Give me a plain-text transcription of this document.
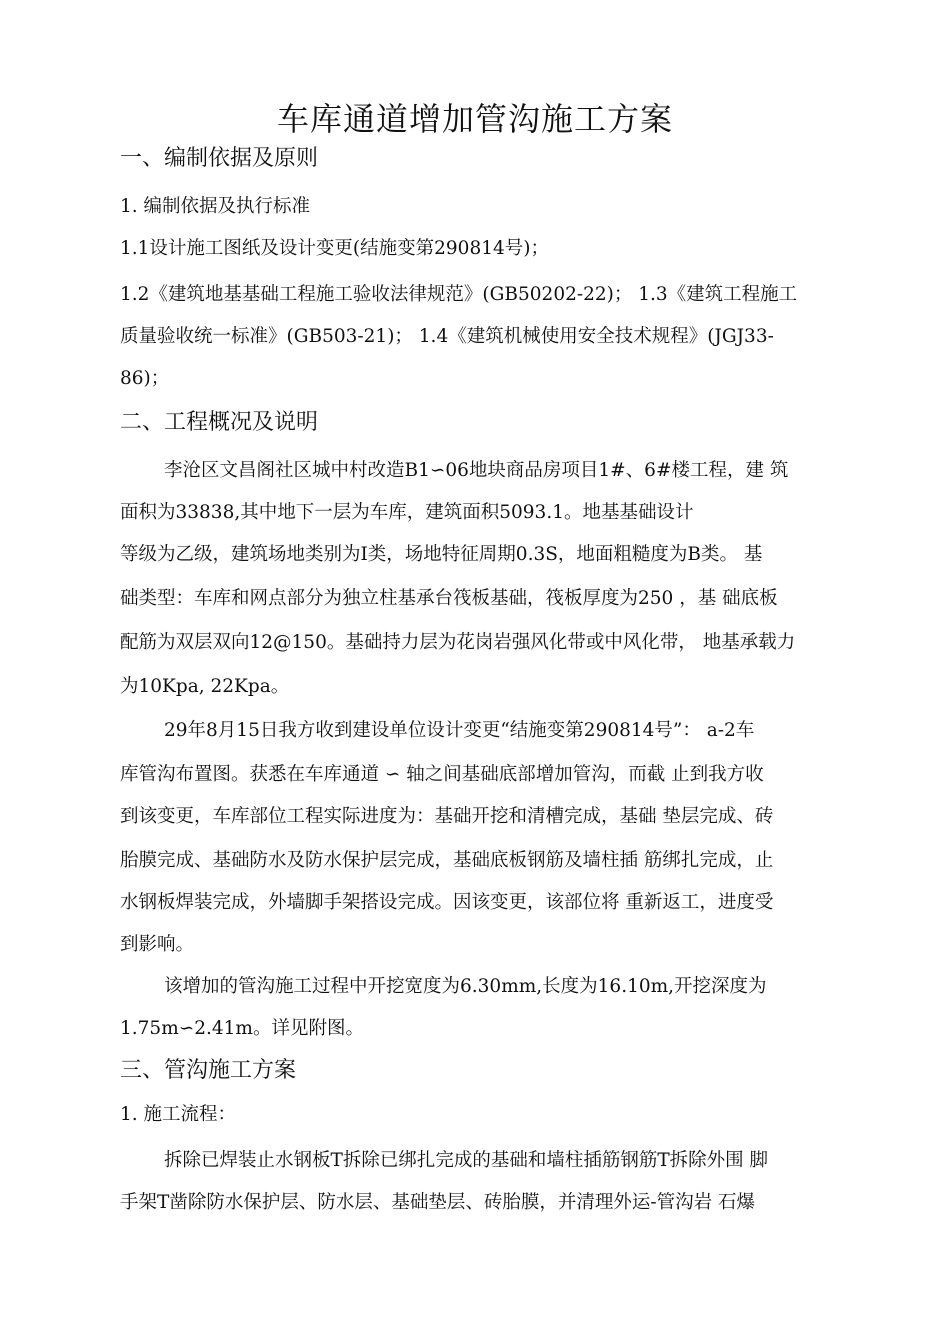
车库通道增加管沟施工方案
一、编制依据及原则
1. 编制依据及执行标准
1.1设计施工图纸及设计变更(结施变第290814号)；
1.2《建筑地基基础工程施工验收法律规范》(GB50202-22)； 1.3《建筑工程施工
质量验收统一标准》(GB503-21)； 1.4《建筑机械使用安全技术规程》(JGJ33-
86)；
二、工程概况及说明
李沧区文昌阁社区城中村改造B1∽06地块商品房项目1#、6#楼工程，建 筑
面积为33838,其中地下一层为车库，建筑面积5093.1。地基基础设计
等级为乙级，建筑场地类别为Ⅰ类，场地特征周期0.3S，地面粗糙度为B类。 基
础类型：车库和网点部分为独立柱基承台筏板基础，筏板厚度为250 ，基 础底板
配筋为双层双向12@150。基础持力层为花岗岩强风化带或中风化带， 地基承载力
为10Kpa, 22Kpa。
29年8月15日我方收到建设单位设计变更“结施变第290814号”： a-2车
库管沟布置图。获悉在车库通道 ∽ 轴之间基础底部增加管沟，而截 止到我方收
到该变更，车库部位工程实际进度为：基础开挖和清槽完成，基础 垫层完成、砖
胎膜完成、基础防水及防水保护层完成，基础底板钢筋及墙柱插 筋绑扎完成，止
水钢板焊装完成，外墙脚手架搭设完成。因该变更，该部位将 重新返工，进度受
到影响。
该增加的管沟施工过程中开挖宽度为6.30mm,长度为16.10m,开挖深度为
1.75m∽2.41m。详见附图。
三、管沟施工方案
1. 施工流程：
拆除已焊装止水钢板T拆除已绑扎完成的基础和墙柱插筋钢筋T拆除外围 脚
手架T凿除防水保护层、防水层、基础垫层、砖胎膜，并清理外运-管沟岩 石爆
